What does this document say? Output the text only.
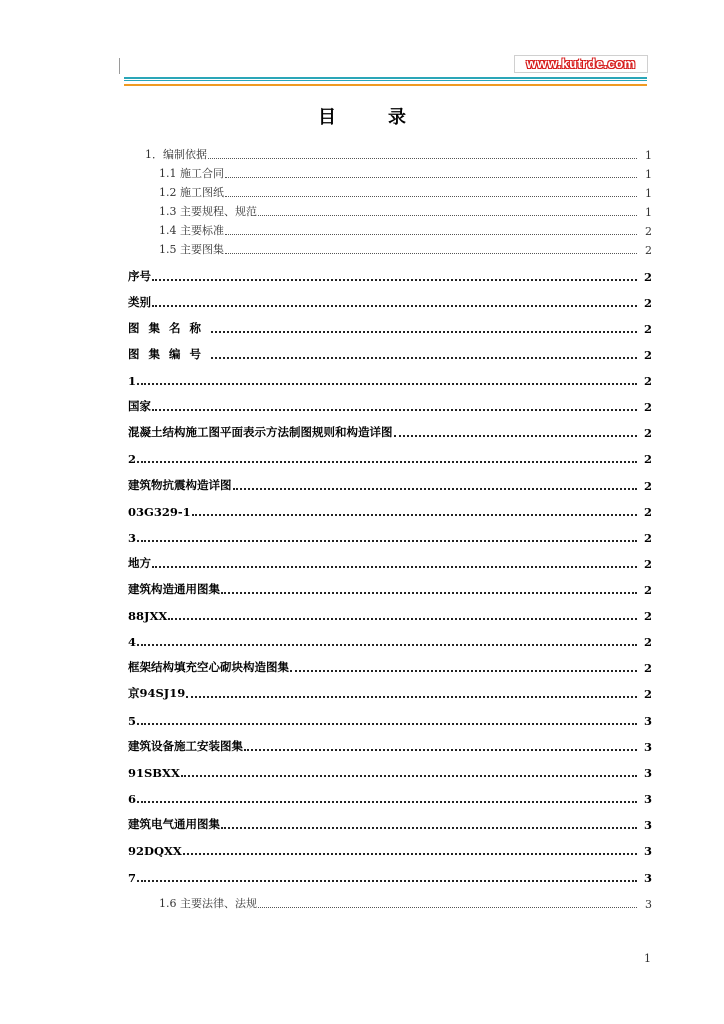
www.kutrde.com
目录
1．编制依据	1
1.1 施工合同	1
1.2 施工图纸	1
1.3 主要规程、规范	1
1.4 主要标准	2
1.5 主要图集	2
序号	2
类别	2
图集名称	2
图集编号	2
1.	2
国家	2
混凝土结构施工图平面表示方法制图规则和构造详图	2
2.	2
建筑物抗震构造详图	2
03G329-1	2
3.	2
地方	2
建筑构造通用图集	2
88JXX	2
4.	2
框架结构填充空心砌块构造图集	2
京94SJ19	2
5.	3
建筑设备施工安装图集	3
91SBXX	3
6.	3
建筑电气通用图集	3
92DQXX	3
7.	3
1.6 主要法律、法规	3
1
